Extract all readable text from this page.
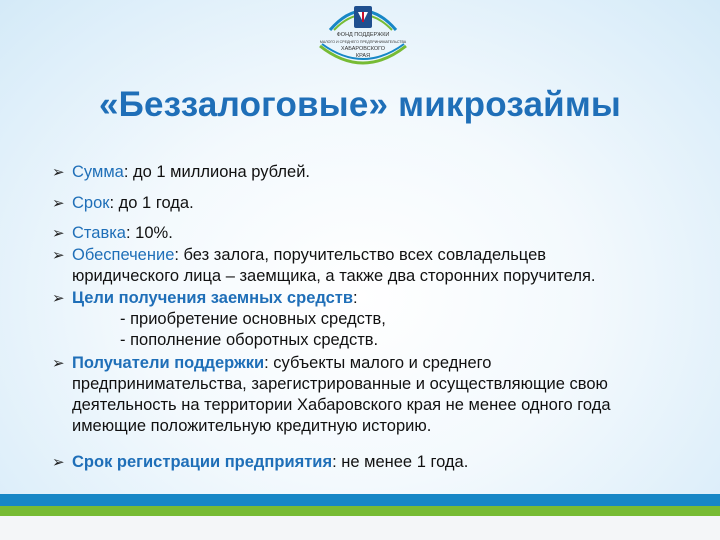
ФОНД ПОДДЕРЖКИ
МАЛОГО И СРЕДНЕГО ПРЕДПРИНИМАТЕЛЬСТВА
ХАБАРОВСКОГО
КРАЯ
«Беззалоговые» микрозаймы
➢ Сумма: до 1 миллиона рублей.
➢ Срок: до 1 года.
➢ Ставка: 10%.
➢ Обеспечение: без залога, поручительство всех совладельцев
юридического лица – заемщика, а также два сторонних поручителя.
➢ Цели получения заемных средств:
- приобретение основных средств,
- пополнение оборотных средств.
➢ Получатели поддержки: субъекты малого и среднего
предпринимательства, зарегистрированные и осуществляющие свою
деятельность на территории Хабаровского края не менее одного года
имеющие положительную кредитную историю.
➢ Срок регистрации предприятия: не менее 1 года.
